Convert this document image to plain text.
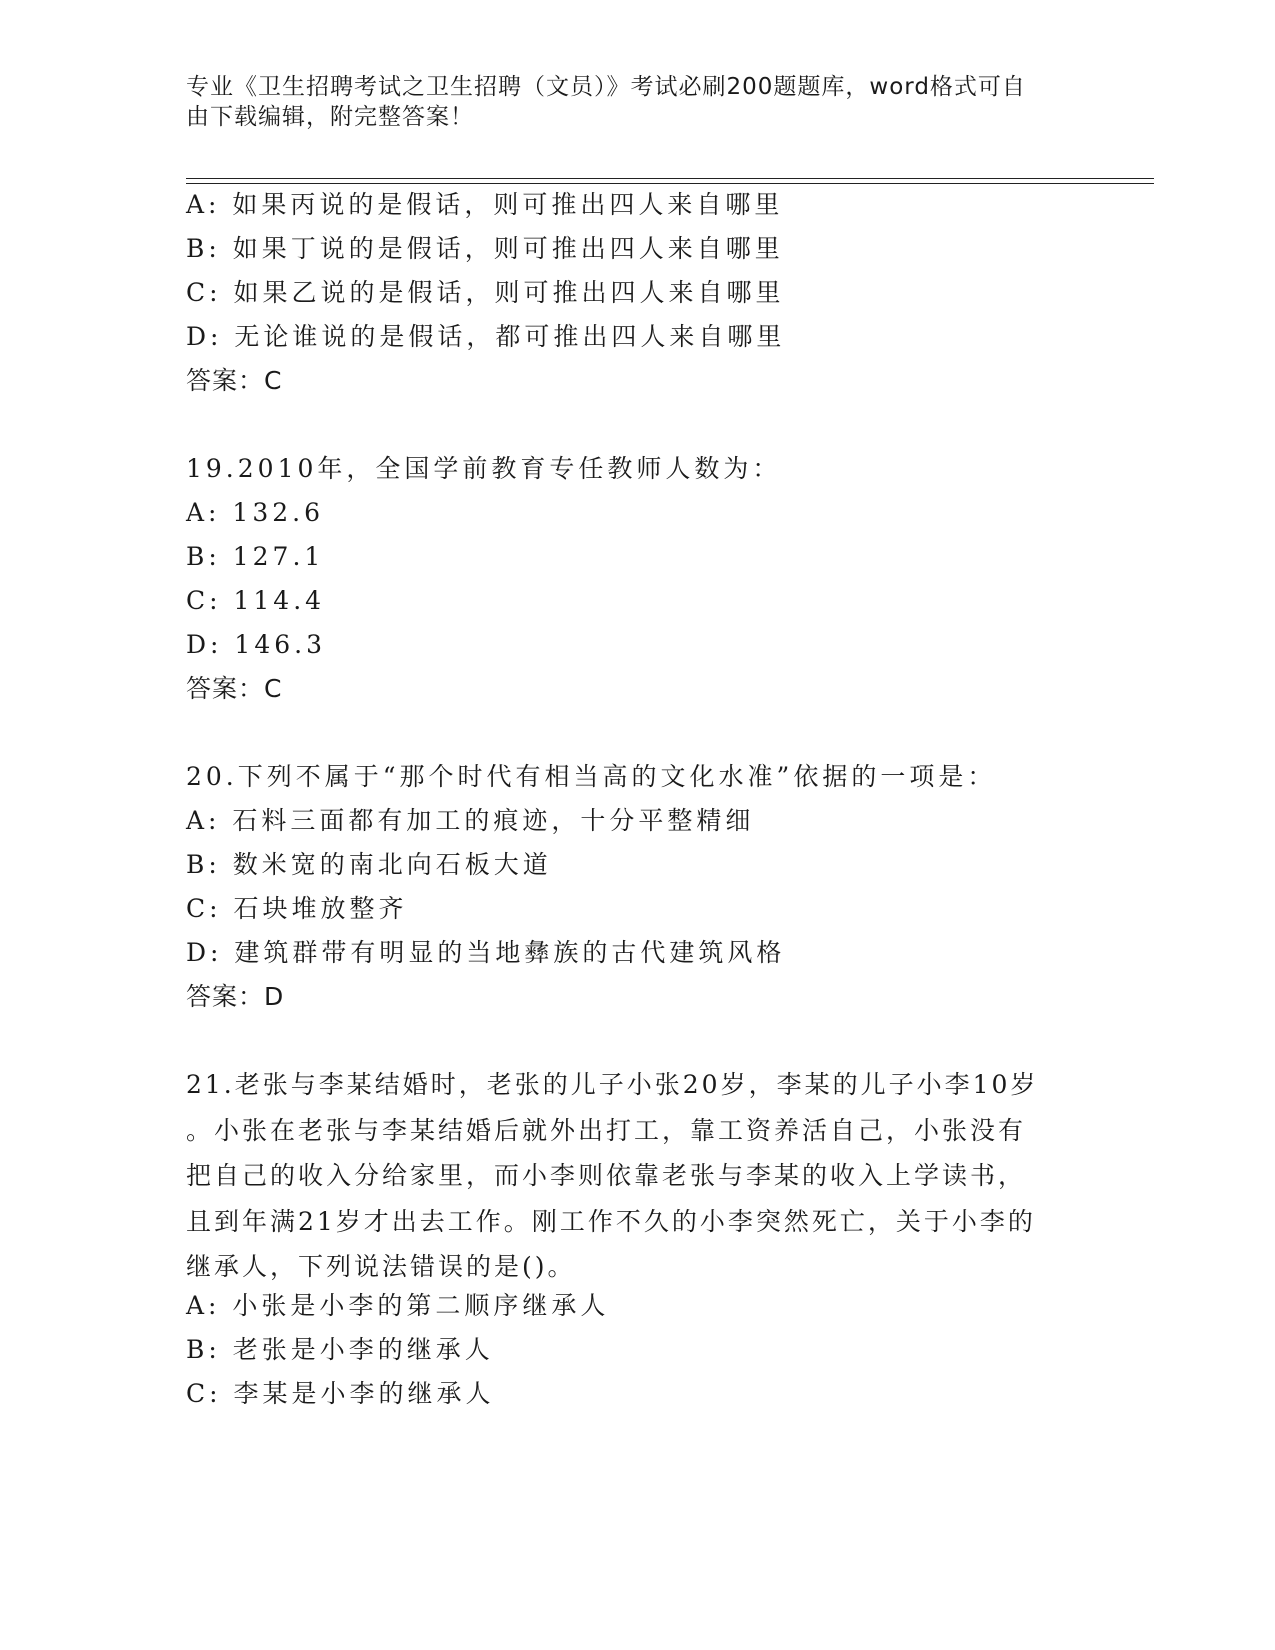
专业《卫生招聘考试之卫生招聘（文员）》考试必刷200题题库，word格式可自
由下载编辑，附完整答案！
A: 如果丙说的是假话，则可推出四人来自哪里
B: 如果丁说的是假话，则可推出四人来自哪里
C: 如果乙说的是假话，则可推出四人来自哪里
D: 无论谁说的是假话，都可推出四人来自哪里
答案：C
19.2010年，全国学前教育专任教师人数为：
A: 132.6
B: 127.1
C: 114.4
D: 146.3
答案：C
20.下列不属于“那个时代有相当高的文化水准”依据的一项是：
A: 石料三面都有加工的痕迹，十分平整精细
B: 数米宽的南北向石板大道
C: 石块堆放整齐
D: 建筑群带有明显的当地彝族的古代建筑风格
答案：D
21.老张与李某结婚时，老张的儿子小张20岁，李某的儿子小李10岁
。小张在老张与李某结婚后就外出打工，靠工资养活自己，小张没有
把自己的收入分给家里，而小李则依靠老张与李某的收入上学读书，
且到年满21岁才出去工作。刚工作不久的小李突然死亡，关于小李的
继承人，下列说法错误的是()。
A: 小张是小李的第二顺序继承人
B: 老张是小李的继承人
C: 李某是小李的继承人
